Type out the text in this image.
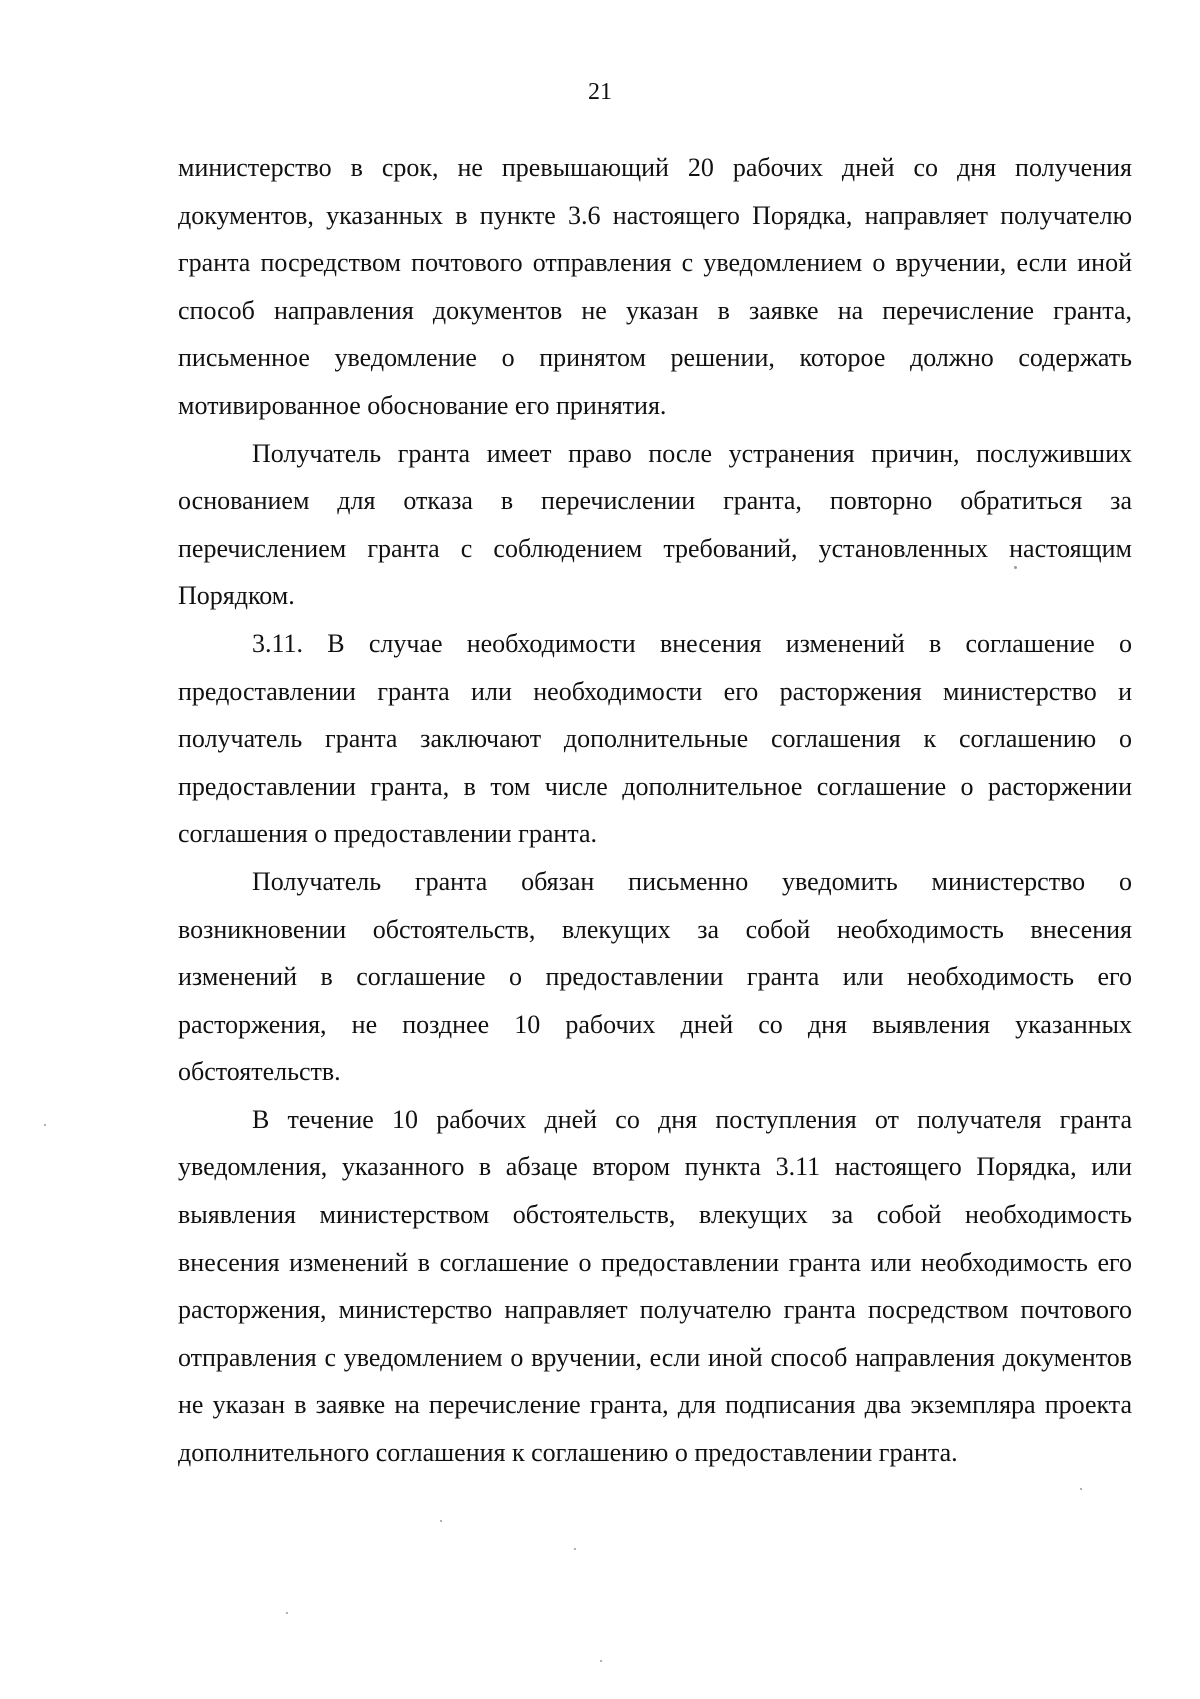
21

министерство в срок, не превышающий 20 рабочих дней со дня получения документов, указанных в пункте 3.6 настоящего Порядка, направляет получателю гранта посредством почтового отправления с уведомлением о вручении, если иной способ направления документов не указан в заявке на перечисление гранта, письменное уведомление о принятом решении, которое должно содержать мотивированное обоснование его принятия.

Получатель гранта имеет право после устранения причин, послуживших основанием для отказа в перечислении гранта, повторно обратиться за перечислением гранта с соблюдением требований, установленных настоящим Порядком.

3.11. В случае необходимости внесения изменений в соглашение о предоставлении гранта или необходимости его расторжения министерство и получатель гранта заключают дополнительные соглашения к соглашению о предоставлении гранта, в том числе дополнительное соглашение о расторжении соглашения о предоставлении гранта.

Получатель гранта обязан письменно уведомить министерство о возникновении обстоятельств, влекущих за собой необходимость внесения изменений в соглашение о предоставлении гранта или необходимость его расторжения, не позднее 10 рабочих дней со дня выявления указанных обстоятельств.

В течение 10 рабочих дней со дня поступления от получателя гранта уведомления, указанного в абзаце втором пункта 3.11 настоящего Порядка, или выявления министерством обстоятельств, влекущих за собой необходимость внесения изменений в соглашение о предоставлении гранта или необходимость его расторжения, министерство направляет получателю гранта посредством почтового отправления с уведомлением о вручении, если иной способ направления документов не указан в заявке на перечисление гранта, для подписания два экземпляра проекта дополнительного соглашения к соглашению о предоставлении гранта.
